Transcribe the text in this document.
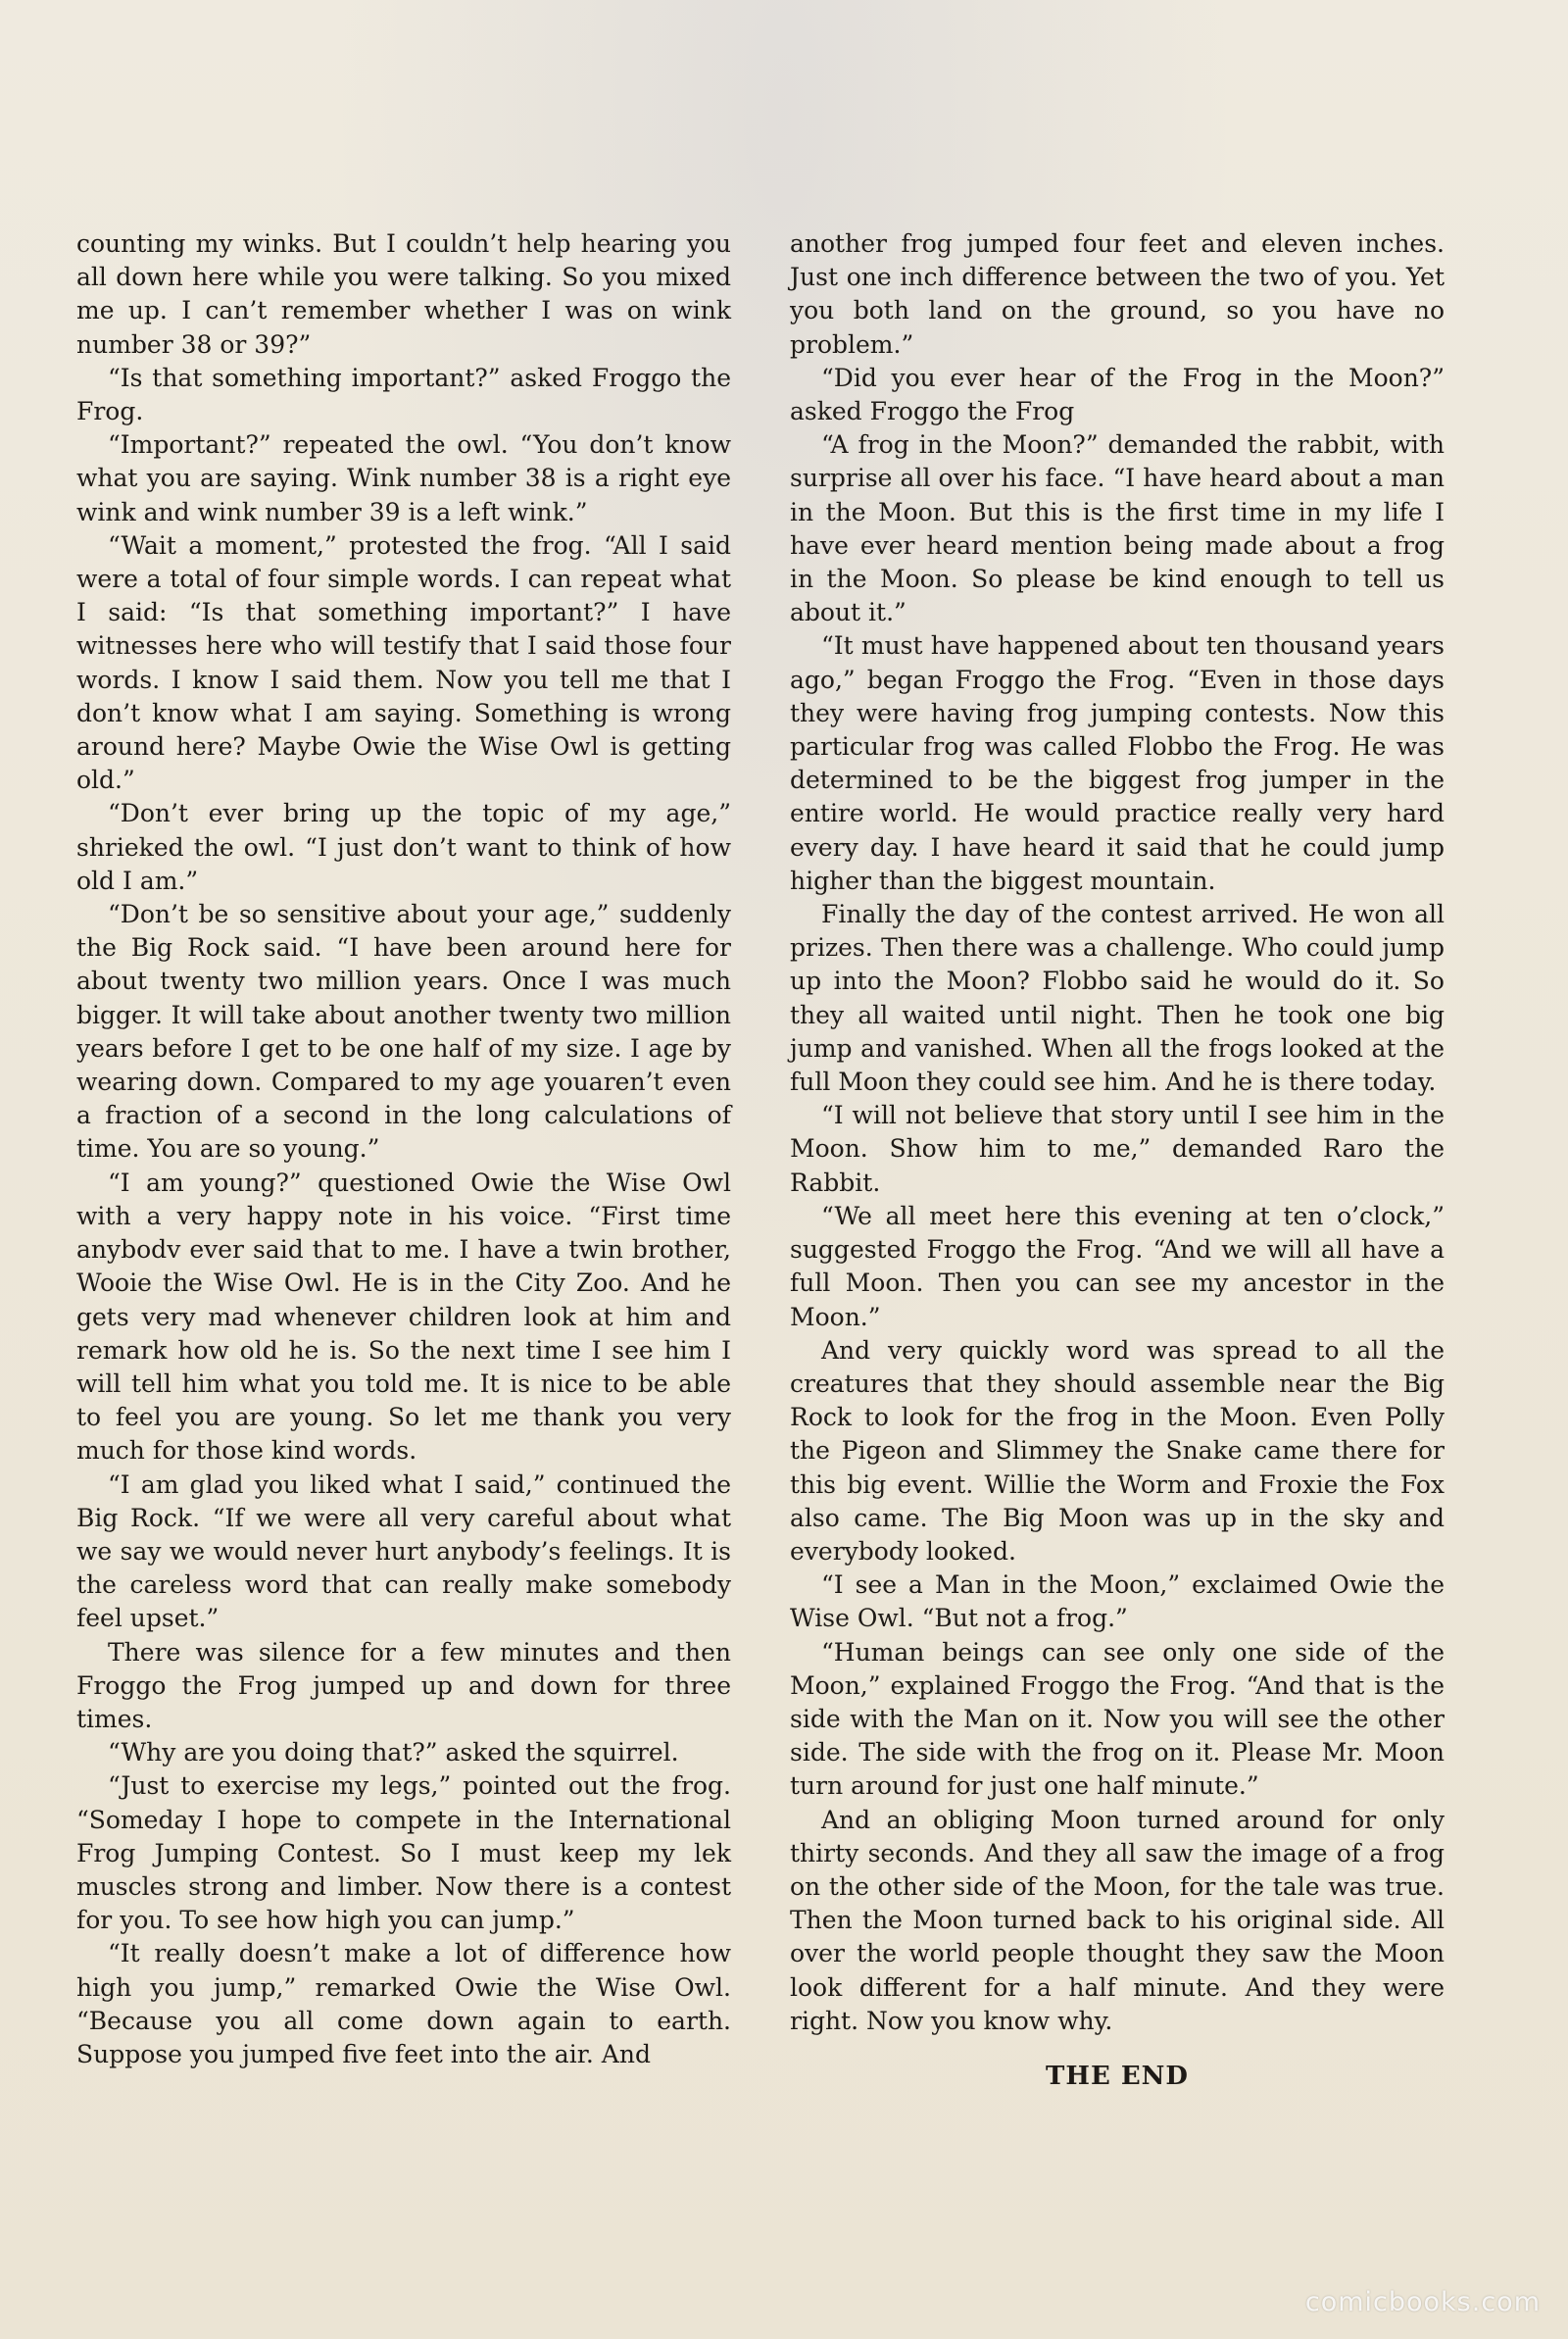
counting my winks. But I couldn’t help hearing you all down here while you were talking. So you mixed me up. I can’t remember whether I was on wink number 38 or 39?”

“Is that something important?” asked Froggo the Frog.

“Important?” repeated the owl. “You don’t know what you are saying. Wink number 38 is a right eye wink and wink number 39 is a left wink.”

“Wait a moment,” protested the frog. “All I said were a total of four simple words. I can repeat what I said: “Is that something important?” I have witnesses here who will testify that I said those four words. I know I said them. Now you tell me that I don’t know what I am saying. Something is wrong around here? Maybe Owie the Wise Owl is getting old.”

“Don’t ever bring up the topic of my age,” shrieked the owl. “I just don’t want to think of how old I am.”

“Don’t be so sensitive about your age,” suddenly the Big Rock said. “I have been around here for about twenty two million years. Once I was much bigger. It will take about another twenty two million years before I get to be one half of my size. I age by wearing down. Compared to my age youaren’t even a fraction of a second in the long calculations of time. You are so young.”

“I am young?” questioned Owie the Wise Owl with a very happy note in his voice. “First time anybodv ever said that to me. I have a twin brother, Wooie the Wise Owl. He is in the City Zoo. And he gets very mad whenever children look at him and remark how old he is. So the next time I see him I will tell him what you told me. It is nice to be able to feel you are young. So let me thank you very much for those kind words.

“I am glad you liked what I said,” continued the Big Rock. “If we were all very careful about what we say we would never hurt anybody’s feelings. It is the careless word that can really make somebody feel upset.”

There was silence for a few minutes and then Froggo the Frog jumped up and down for three times.

“Why are you doing that?” asked the squirrel.

“Just to exercise my legs,” pointed out the frog. “Someday I hope to compete in the International Frog Jumping Contest. So I must keep my lek muscles strong and limber. Now there is a contest for you. To see how high you can jump.”

“It really doesn’t make a lot of difference how high you jump,” remarked Owie the Wise Owl. “Because you all come down again to earth. Suppose you jumped five feet into the air. And

another frog jumped four feet and eleven inches. Just one inch difference between the two of you. Yet you both land on the ground, so you have no problem.”

“Did you ever hear of the Frog in the Moon?” asked Froggo the Frog

“A frog in the Moon?” demanded the rabbit, with surprise all over his face. “I have heard about a man in the Moon. But this is the first time in my life I have ever heard mention being made about a frog in the Moon. So please be kind enough to tell us about it.”

“It must have happened about ten thousand years ago,” began Froggo the Frog. “Even in those days they were having frog jumping contests. Now this particular frog was called Flobbo the Frog. He was determined to be the biggest frog jumper in the entire world. He would practice really very hard every day. I have heard it said that he could jump higher than the biggest mountain.

Finally the day of the contest arrived. He won all prizes. Then there was a challenge. Who could jump up into the Moon? Flobbo said he would do it. So they all waited until night. Then he took one big jump and vanished. When all the frogs looked at the full Moon they could see him. And he is there today.

“I will not believe that story until I see him in the Moon. Show him to me,” demanded Raro the Rabbit.

“We all meet here this evening at ten o’clock,” suggested Froggo the Frog. “And we will all have a full Moon. Then you can see my ancestor in the Moon.”

And very quickly word was spread to all the creatures that they should assemble near the Big Rock to look for the frog in the Moon. Even Polly the Pigeon and Slimmey the Snake came there for this big event. Willie the Worm and Froxie the Fox also came. The Big Moon was up in the sky and everybody looked.

“I see a Man in the Moon,” exclaimed Owie the Wise Owl. “But not a frog.”

“Human beings can see only one side of the Moon,” explained Froggo the Frog. “And that is the side with the Man on it. Now you will see the other side. The side with the frog on it. Please Mr. Moon turn around for just one half minute.”

And an obliging Moon turned around for only thirty seconds. And they all saw the image of a frog on the other side of the Moon, for the tale was true. Then the Moon turned back to his original side. All over the world people thought they saw the Moon look different for a half minute. And they were right. Now you know why.

THE END
comicbooks.com
